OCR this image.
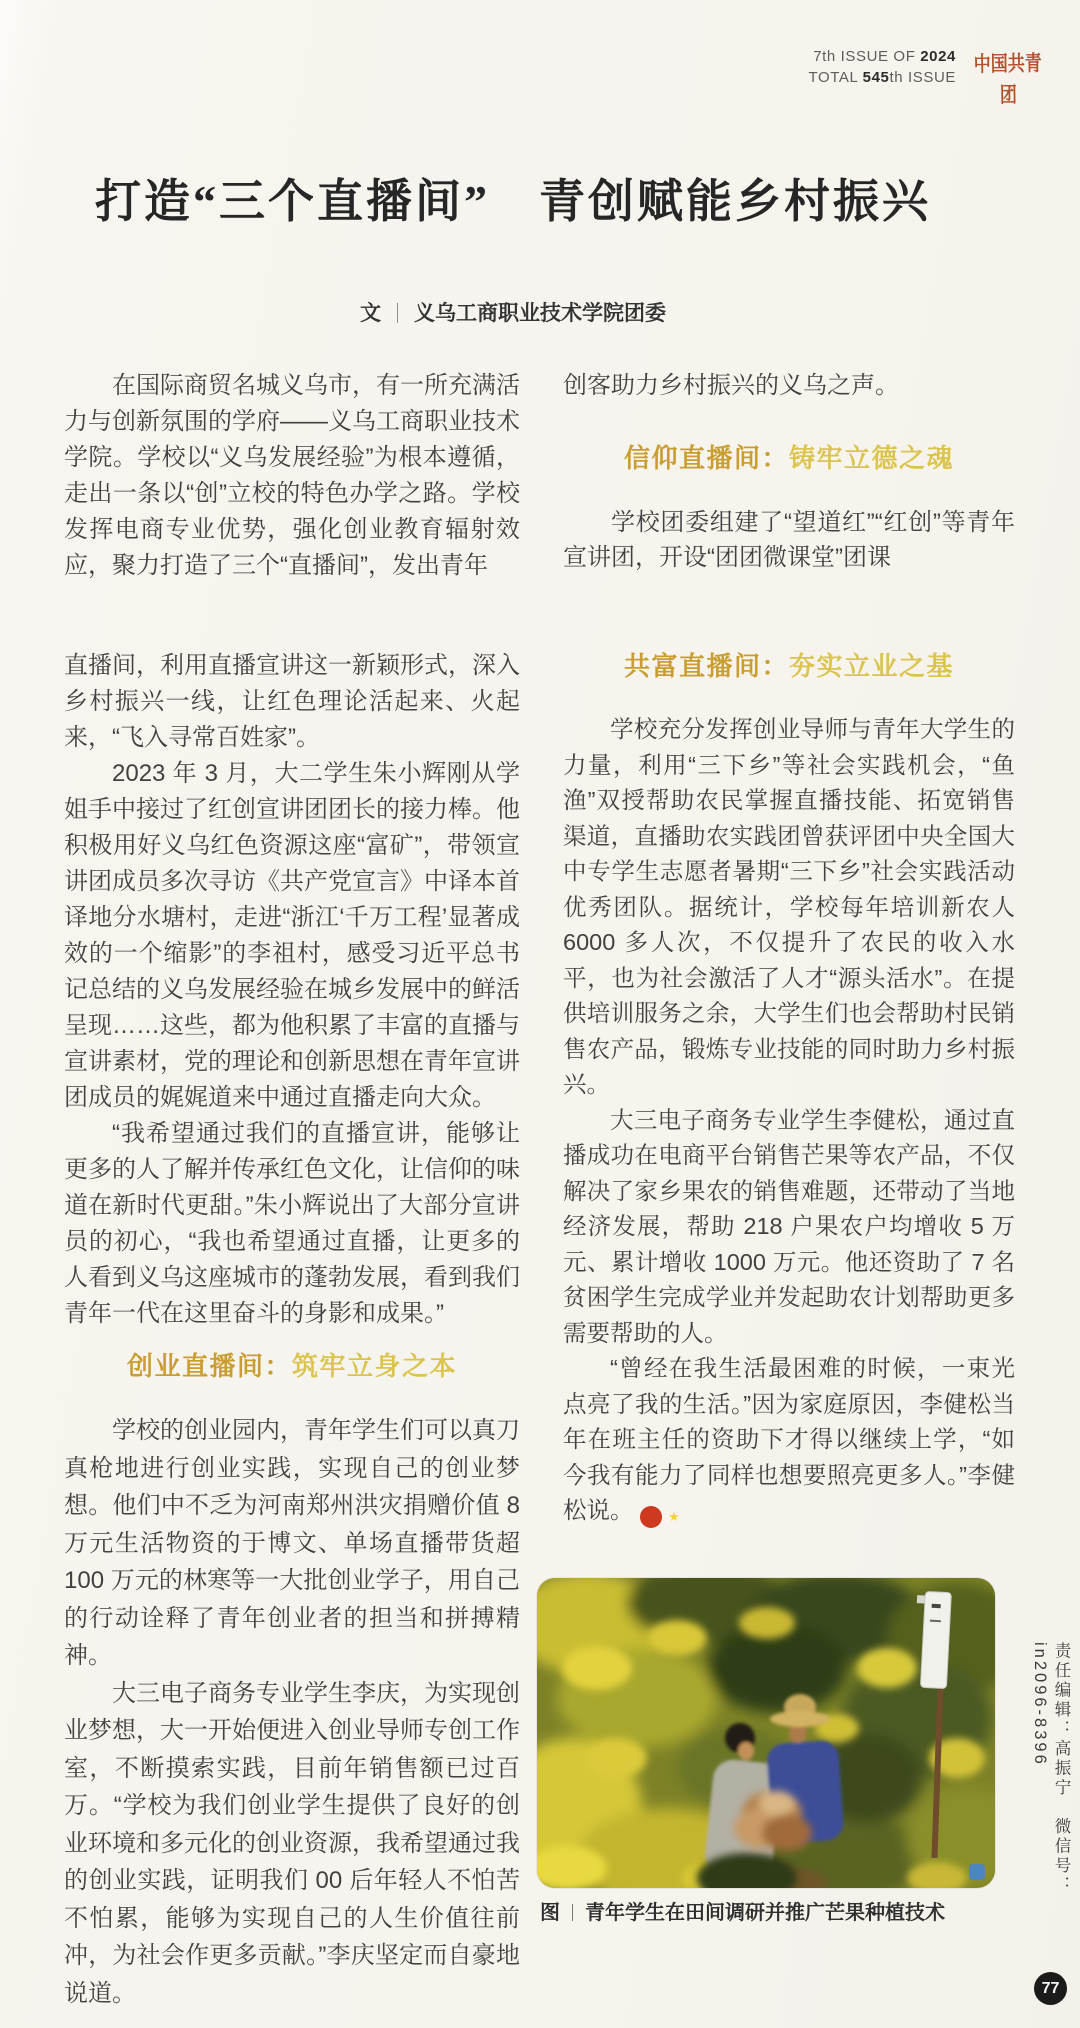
7th ISSUE OF 2024
TOTAL 545th ISSUE
中国共青团
打造“三个直播间”　青创赋能乡村振兴
文 义乌工商职业技术学院团委

在国际商贸名城义乌市，有一所充满活力与创新氛围的学府——义乌工商职业技术学院。学校以“义乌发展经验”为根本遵循，走出一条以“创”立校的特色办学之路。学校发挥电商专业优势，强化创业教育辐射效应，聚力打造了三个“直播间”，发出青年

直播间，利用直播宣讲这一新颖形式，深入乡村振兴一线，让红色理论活起来、火起来，“飞入寻常百姓家”。

2023 年 3 月，大二学生朱小辉刚从学姐手中接过了红创宣讲团团长的接力棒。他积极用好义乌红色资源这座“富矿”，带领宣讲团成员多次寻访《共产党宣言》中译本首译地分水塘村，走进“浙江‘千万工程’显著成效的一个缩影”的李祖村，感受习近平总书记总结的义乌发展经验在城乡发展中的鲜活呈现……这些，都为他积累了丰富的直播与宣讲素材，党的理论和创新思想在青年宣讲团成员的娓娓道来中通过直播走向大众。

“我希望通过我们的直播宣讲，能够让更多的人了解并传承红色文化，让信仰的味道在新时代更甜。”朱小辉说出了大部分宣讲员的初心，“我也希望通过直播，让更多的人看到义乌这座城市的蓬勃发展，看到我们青年一代在这里奋斗的身影和成果。”

创业直播间：筑牢立身之本

学校的创业园内，青年学生们可以真刀真枪地进行创业实践，实现自己的创业梦想。他们中不乏为河南郑州洪灾捐赠价值 8 万元生活物资的于博文、单场直播带货超 100 万元的林寒等一大批创业学子，用自己的行动诠释了青年创业者的担当和拼搏精神。

大三电子商务专业学生李庆，为实现创业梦想，大一开始便进入创业导师专创工作室，不断摸索实践，目前年销售额已过百万。“学校为我们创业学生提供了良好的创业环境和多元化的创业资源，我希望通过我的创业实践，证明我们 00 后年轻人不怕苦不怕累，能够为实现自己的人生价值往前冲，为社会作更多贡献。”李庆坚定而自豪地说道。

创客助力乡村振兴的义乌之声。

信仰直播间：铸牢立德之魂

学校团委组建了“望道红”“红创”等青年宣讲团，开设“团团微课堂”团课

共富直播间：夯实立业之基

学校充分发挥创业导师与青年大学生的力量，利用“三下乡”等社会实践机会，“鱼渔”双授帮助农民掌握直播技能、拓宽销售渠道，直播助农实践团曾获评团中央全国大中专学生志愿者暑期“三下乡”社会实践活动优秀团队。据统计，学校每年培训新农人 6000 多人次，不仅提升了农民的收入水平，也为社会激活了人才“源头活水”。在提供培训服务之余，大学生们也会帮助村民销售农产品，锻炼专业技能的同时助力乡村振兴。

大三电子商务专业学生李健松，通过直播成功在电商平台销售芒果等农产品，不仅解决了家乡果农的销售难题，还带动了当地经济发展，帮助 218 户果农户均增收 5 万元、累计增收 1000 万元。他还资助了 7 名贫困学生完成学业并发起助农计划帮助更多需要帮助的人。

“曾经在我生活最困难的时候，一束光点亮了我的生活。”因为家庭原因，李健松当年在班主任的资助下才得以继续上学，“如今我有能力了同样也想要照亮更多人。”李健松说。	★

图 青年学生在田间调研并推广芒果种植技术
责任编辑：高振宁　微信号：in2096-8396
77
